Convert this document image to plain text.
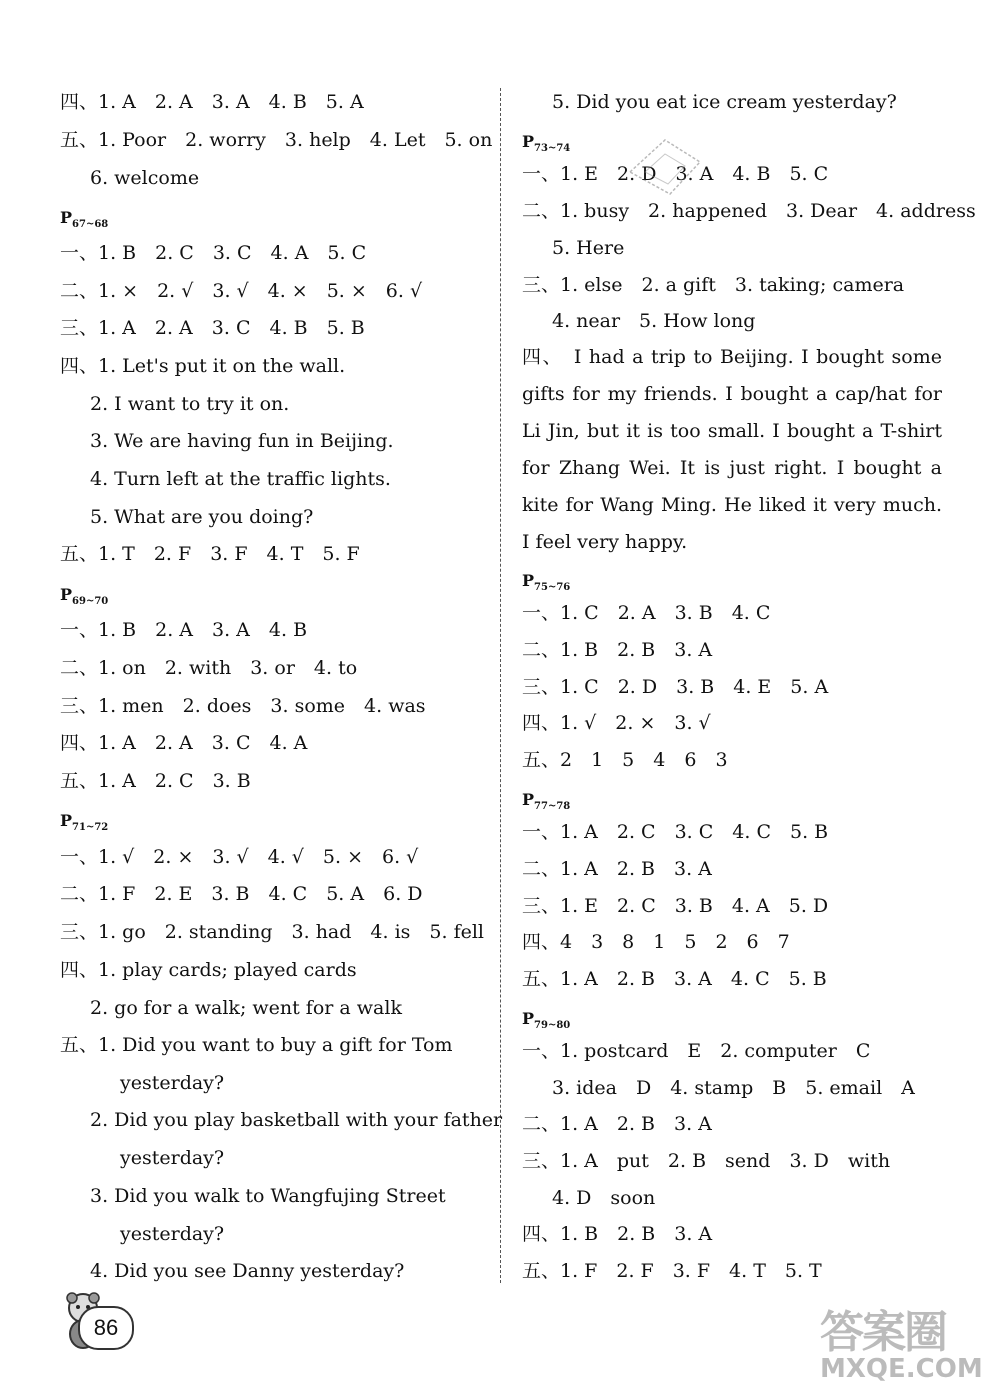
四、1. A　2. A　3. A　4. B　5. A
五、1. Poor　2. worry　3. help　4. Let　5. on
6. welcome
$P_{67\sim 68}$
一、1. B　2. C　3. C　4. A　5. C
二、1. ×　2. √　3. √　4. ×　5. ×　6. √
三、1. A　2. A　3. C　4. B　5. B
四、1. Let's put it on the wall.
2. I want to try it on.
3. We are having fun in Beijing.
4. Turn left at the traffic lights.
5. What are you doing?
五、1. T　2. F　3. F　4. T　5. F
$P_{69\sim 70}$
一、1. B　2. A　3. A　4. B
二、1. on　2. with　3. or　4. to
三、1. men　2. does　3. some　4. was
四、1. A　2. A　3. C　4. A
五、1. A　2. C　3. B
$P_{71\sim 72}$
一、1. √　2. ×　3. √　4. √　5. ×　6. √
二、1. F　2. E　3. B　4. C　5. A　6. D
三、1. go　2. standing　3. had　4. is　5. fell
四、1. play cards; played cards
2. go for a walk; went for a walk
五、1. Did you want to buy a gift for Tom
yesterday?
2. Did you play basketball with your father
yesterday?
3. Did you walk to Wangfujing Street
yesterday?
4. Did you see Danny yesterday?
5. Did you eat ice cream yesterday?
$P_{73\sim 74}$
一、1. E　2. D　3. A　4. B　5. C
二、1. busy　2. happened　3. Dear　4. address
5. Here
三、1. else　2. a gift　3. taking; camera
4. near　5. How long
四、　I had a trip to Beijing. I bought some gifts for my friends. I bought a cap/hat for Li Jin, but it is too small. I bought a T-shirt for Zhang Wei. It is just right. I bought a kite for Wang Ming. He liked it very much. I feel very happy.
$P_{75\sim 76}$
一、1. C　2. A　3. B　4. C
二、1. B　2. B　3. A
三、1. C　2. D　3. B　4. E　5. A
四、1. √　2. ×　3. √
五、2　1　5　4　6　3
$P_{77\sim 78}$
一、1. A　2. C　3. C　4. C　5. B
二、1. A　2. B　3. A
三、1. E　2. C　3. B　4. A　5. D
四、4　3　8　1　5　2　6　7
五、1. A　2. B　3. A　4. C　5. B
$P_{79\sim 80}$
一、1. postcard　E　2. computer　C
3. idea　D　4. stamp　B　5. email　A
二、1. A　2. B　3. A
三、1. A　put　2. B　send　3. D　with
4. D　soon
四、1. B　2. B　3. A
五、1. F　2. F　3. F　4. T　5. T
86	答案圈
MXQE.COM
